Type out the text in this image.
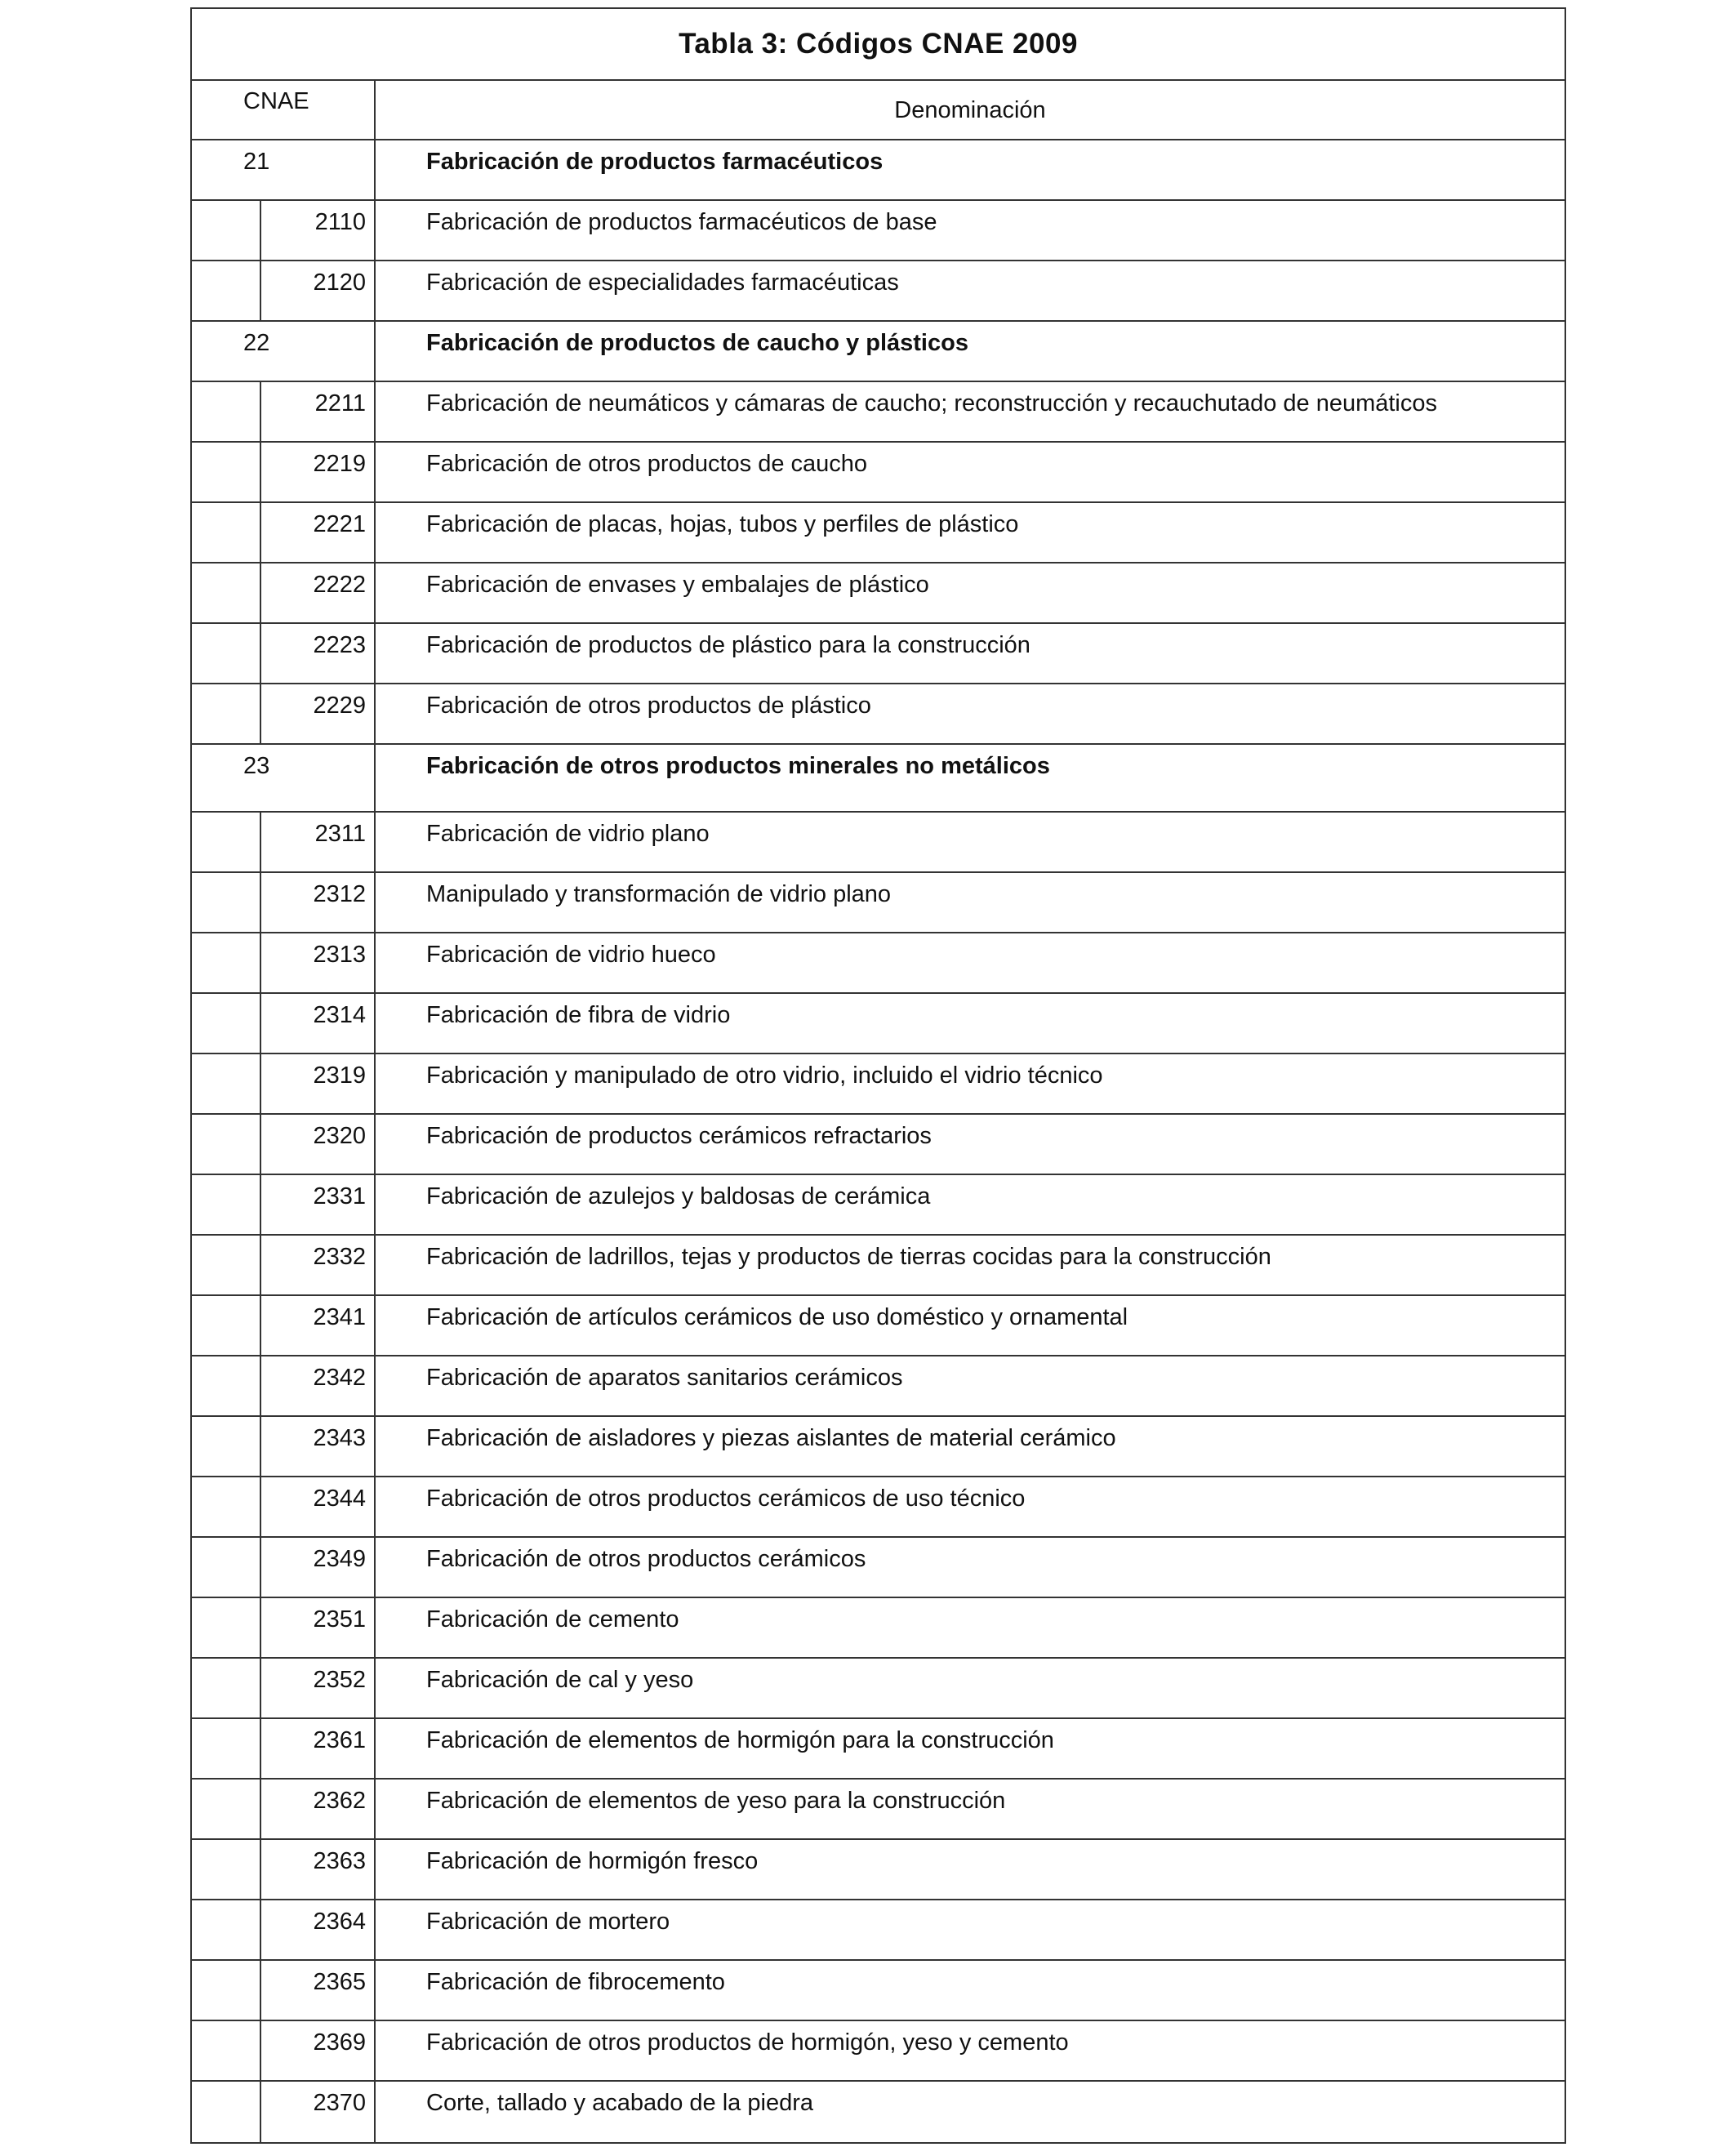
Tabla 3: Códigos CNAE 2009
CNAE	Denominación
21	Fabricación de productos farmacéuticos
2110	Fabricación de productos farmacéuticos de base
2120	Fabricación de especialidades farmacéuticas
22	Fabricación de productos de caucho y plásticos
2211	Fabricación de neumáticos y cámaras de caucho; reconstrucción y recauchutado de neumáticos
2219	Fabricación de otros productos de caucho
2221	Fabricación de placas, hojas, tubos y perfiles de plástico
2222	Fabricación de envases y embalajes de plástico
2223	Fabricación de productos de plástico para la construcción
2229	Fabricación de otros productos de plástico
23	Fabricación de otros productos minerales no metálicos
2311	Fabricación de vidrio plano
2312	Manipulado y transformación de vidrio plano
2313	Fabricación de vidrio hueco
2314	Fabricación de fibra de vidrio
2319	Fabricación y manipulado de otro vidrio, incluido el vidrio técnico
2320	Fabricación de productos cerámicos refractarios
2331	Fabricación de azulejos y baldosas de cerámica
2332	Fabricación de ladrillos, tejas y productos de tierras cocidas para la construcción
2341	Fabricación de artículos cerámicos de uso doméstico y ornamental
2342	Fabricación de aparatos sanitarios cerámicos
2343	Fabricación de aisladores y piezas aislantes de material cerámico
2344	Fabricación de otros productos cerámicos de uso técnico
2349	Fabricación de otros productos cerámicos
2351	Fabricación de cemento
2352	Fabricación de cal y yeso
2361	Fabricación de elementos de hormigón para la construcción
2362	Fabricación de elementos de yeso para la construcción
2363	Fabricación de hormigón fresco
2364	Fabricación de mortero
2365	Fabricación de fibrocemento
2369	Fabricación de otros productos de hormigón, yeso y cemento
2370	Corte, tallado y acabado de la piedra
